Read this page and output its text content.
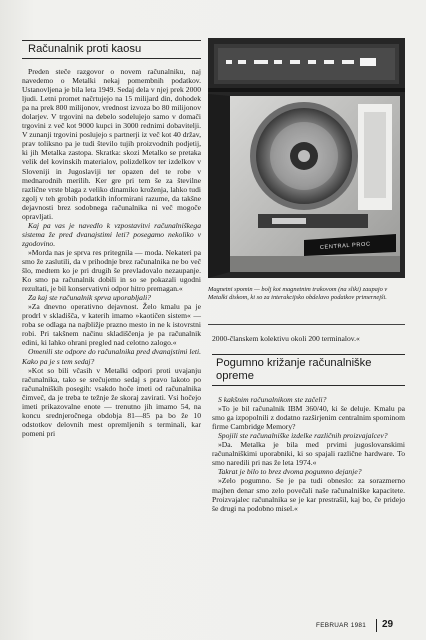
Računalnik proti kaosu

Preden steče razgovor o novem računalniku, naj navedemo o Metalki nekaj pomembnih podatkov. Ustanovljena je bila leta 1949. Sedaj dela v njej prek 2000 ljudi. Letni promet načrtujejo na 15 milijard din, dohodek pa na prek 800 milijonov, vrednost izvoza bo 80 milijonov dolarjev. V trgovini na debelo sodelujejo samo v domači trgovini z več kot 9000 kupci in 3000 rednimi dobavitelji. V zunanji trgovini poslujejo s partnerji iz več kot 40 držav, prav toliksno pa je tudi število tujih proizvodnih podjetij, ki jih Metalka zastopa. Skratka: skozi Metalko se pretaka velik del kovinskih materialov, polizdelkov ter izdelkov v Sloveniji in Jugoslaviji ter opazen del te robe v mednarodnih merilih. Ker gre pri tem še za številne različne vrste blaga z veliko dinamiko kroženja, lahko tudi zgolj v teh grobih podatkih informirani razume, da takšne dejavnosti brez sodobnega računalnika ni več mogoče opravljati.

Kaj pa vas je navedlo k vzpostavitvi računalniškega sistema že pred dvanajstimi leti? posegamo nekoliko v zgodovino.

»Morda nas je sprva res pritegnila — moda. Nekateri pa smo že zaslutili, da v prihodnje brez računalnika ne bo več šlo, medtem ko je pri drugih še prevladovalo nezaupanje. Ko smo pa računalnik dobili in so se pokazali ugodni rezultati, je bil konservativni odpor hitro premagan.«

Za kaj ste računalnik sprva uporabljali?

»Za dnevno operativno dejavnost. Želo kmalu pa je prodrl v skladišča, v katerih imamo »kaotičen sistem« — roba se odlaga na najbližje prazno mesto in ne k istovrstni robi. Pri takšnem načinu skladiščenja je pa računalnik edini, ki lahko ohrani pregled nad celotno zalogo.«

Omenili ste odpore do računalnika pred dvanajstimi leti. Kako pa je s tem sedaj?

»Kot so bili včasih v Metalki odpori proti uvajanju računalnika, tako se srečujemo sedaj s pravo lakoto po računalniških posegih: vsakdo hoče imeti od računalnika čimveč, da je treba te težnje že skoraj zavirati. Vsi hočejo imeti prikazovalne enote — trenutno jih imamo 54, na koncu srednjeročnega obdobja 81—85 pa bo že 10 odstotkov delovnih mest opremljenih s terminali, kar pomeni pri

CENTRAL PROC
Magnetni spomin — bolj kot magnetnim trakovom (na sliki) zaupajo v Metalki diskom, ki so za interakcijsko obdelavo podatkov primernejši.

2000-članskem kolektivu okoli 200 terminalov.«

Pogumno križanje računalniške opreme

S kakšnim računalnikom ste začeli?

»To je bil računalnik IBM 360/40, ki še deluje. Kmalu pa smo ga izpopolnili z dodatno razširjenim centralnim spominom firme Cambridge Memory?

Spojili ste računalniške izdelke različnih proizvajalcev?

»Da. Metalka je bila med prvimi jugoslovanskimi računalniškimi uporabniki, ki so spajali različne hardware. To smo naredili pri nas že leta 1974.«

Takrat je bilo to brez dvoma pogumno dejanje?

»Zelo pogumno. Se je pa tudi obneslo: za sorazmerno majhen denar smo zelo povečali naše računalniške kapacitete. Proizvajalec računalnika se je kar prestrašil, kaj bo, če pridejo še drugi na podobno misel.«

FEBRUAR 1981 29
